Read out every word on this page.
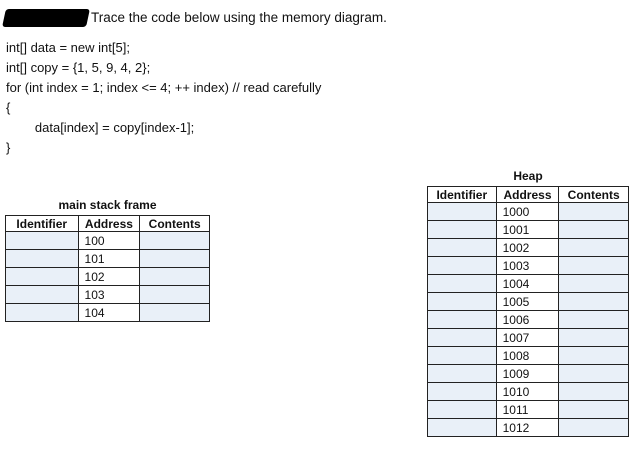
Trace the code below using the memory diagram.
int[] data = new int[5];
int[] copy = {1, 5, 9, 4, 2};
for (int index = 1; index <= 4; ++ index) // read carefully
{
data[index] = copy[index-1];
}
main stack frame
Identifier	Address	Contents
	100	
	101	
	102	
	103	
	104	
Heap
Identifier	Address	Contents
	1000	
	1001	
	1002	
	1003	
	1004	
	1005	
	1006	
	1007	
	1008	
	1009	
	1010	
	1011	
	1012	
